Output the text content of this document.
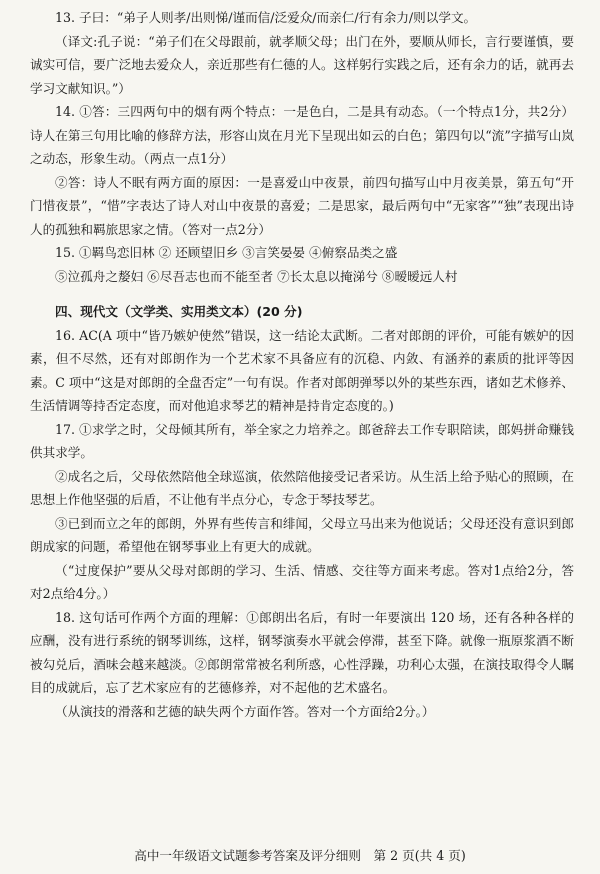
13. 子曰：“弟子人则孝/出则悌/谨而信/泛爱众/而亲仁/行有余力/则以学文。

（译文:孔子说：“弟子们在父母跟前，就孝顺父母；出门在外，要顺从师长，言行要谨慎，要诚实可信，要广泛地去爱众人，亲近那些有仁德的人。这样躬行实践之后，还有余力的话，就再去学习文献知识。”）

14. ①答：三四两句中的烟有两个特点：一是色白，二是具有动态。（一个特点1分，共2分）诗人在第三句用比喻的修辞方法，形容山岚在月光下呈现出如云的白色；第四句以“流”字描写山岚之动态，形象生动。（两点一点1分）

②答：诗人不眠有两方面的原因：一是喜爱山中夜景，前四句描写山中月夜美景，第五句“开门惜夜景”，“惜”字表达了诗人对山中夜景的喜爱；二是思家，最后两句中“无家客”“独”表现出诗人的孤独和羁旅思家之情。（答对一点2分）

15. ①羁鸟恋旧林 ② 还顾望旧乡 ③言笑晏晏 ④俯察品类之盛

⑤泣孤舟之嫠妇 ⑥尽吾志也而不能至者 ⑦长太息以掩涕兮 ⑧暧暧远人村

四、现代文（文学类、实用类文本）(20 分)

16. AC(A 项中“皆乃嫉妒使然”错误，这一结论太武断。二者对郎朗的评价，可能有嫉妒的因素，但不尽然，还有对郎朗作为一个艺术家不具备应有的沉稳、内敛、有涵养的素质的批评等因素。C 项中“这是对郎朗的全盘否定”一句有误。作者对郎朗弹琴以外的某些东西，诸如艺术修养、生活情调等持否定态度，而对他追求琴艺的精神是持肯定态度的。)

17. ①求学之时，父母倾其所有，举全家之力培养之。郎爸辞去工作专职陪读，郎妈拼命赚钱供其求学。

②成名之后，父母依然陪他全球巡演，依然陪他接受记者采访。从生活上给予贴心的照顾，在思想上作他坚强的后盾，不让他有半点分心，专念于琴技琴艺。

③已到而立之年的郎朗，外界有些传言和绯闻，父母立马出来为他说话；父母还没有意识到郎朗成家的问题，希望他在钢琴事业上有更大的成就。

（“过度保护”要从父母对郎朗的学习、生活、情感、交往等方面来考虑。答对1点给2分，答对2点给4分。）

18. 这句话可作两个方面的理解：①郎朗出名后，有时一年要演出 120 场，还有各种各样的应酬，没有进行系统的钢琴训练，这样，钢琴演奏水平就会停滞，甚至下降。就像一瓶原浆酒不断被勾兑后，酒味会越来越淡。②郎朗常常被名利所惑，心性浮躁，功利心太强，在演技取得令人瞩目的成就后，忘了艺术家应有的艺德修养，对不起他的艺术盛名。

（从演技的滑落和艺德的缺失两个方面作答。答对一个方面给2分。）

高中一年级语文试题参考答案及评分细则　第 2 页(共 4 页)
